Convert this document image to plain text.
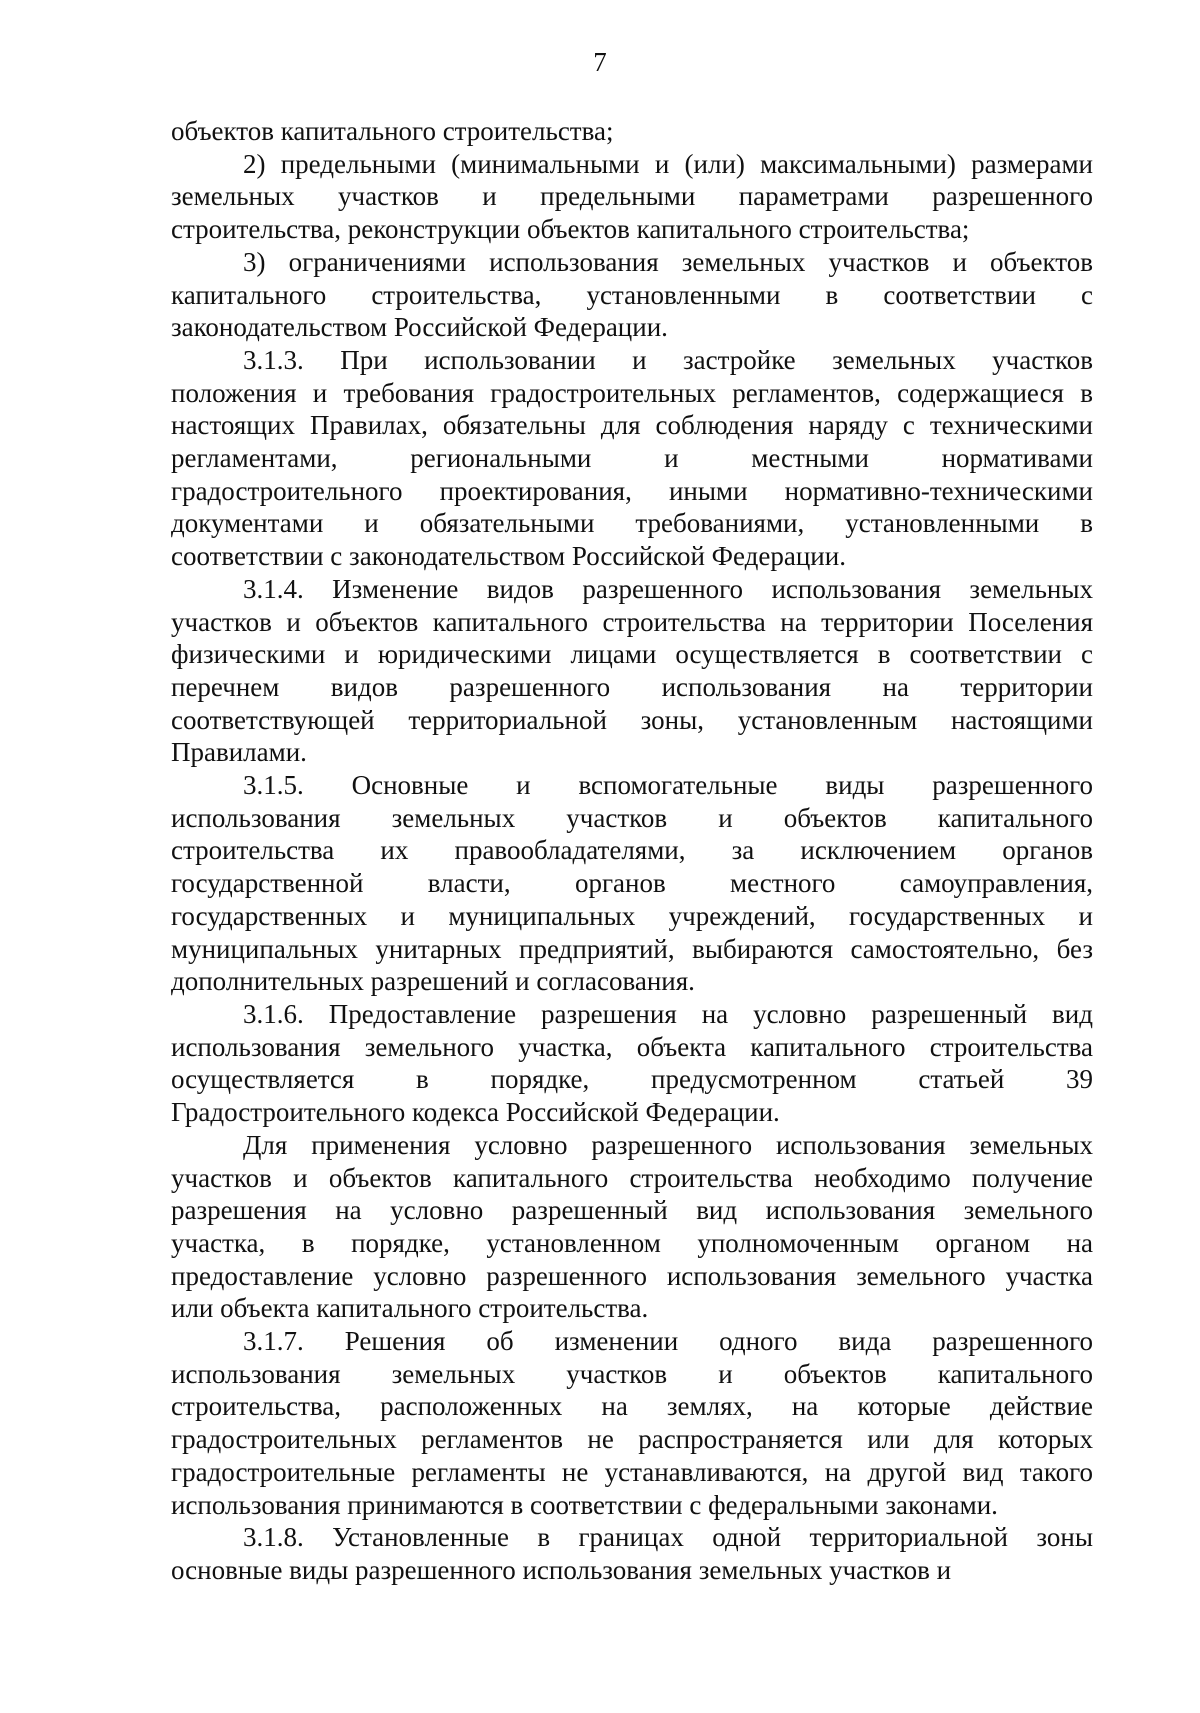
7
объектов капитального строительства;
2) предельными (минимальными и (или) максимальными) размерами
земельных участков и предельными параметрами разрешенного
строительства, реконструкции объектов капитального строительства;
3) ограничениями использования земельных участков и объектов
капитального строительства, установленными в соответствии с
законодательством Российской Федерации.
3.1.3. При использовании и застройке земельных участков
положения и требования градостроительных регламентов, содержащиеся в
настоящих Правилах, обязательны для соблюдения наряду с техническими
регламентами, региональными и местными нормативами
градостроительного проектирования, иными нормативно-техническими
документами и обязательными требованиями, установленными в
соответствии с законодательством Российской Федерации.
3.1.4. Изменение видов разрешенного использования земельных
участков и объектов капитального строительства на территории Поселения
физическими и юридическими лицами осуществляется в соответствии с
перечнем видов разрешенного использования на территории
соответствующей территориальной зоны, установленным настоящими
Правилами.
3.1.5. Основные и вспомогательные виды разрешенного
использования земельных участков и объектов капитального
строительства их правообладателями, за исключением органов
государственной власти, органов местного самоуправления,
государственных и муниципальных учреждений, государственных и
муниципальных унитарных предприятий, выбираются самостоятельно, без
дополнительных разрешений и согласования.
3.1.6. Предоставление разрешения на условно разрешенный вид
использования земельного участка, объекта капитального строительства
осуществляется в порядке, предусмотренном статьей 39
Градостроительного кодекса Российской Федерации.
Для применения условно разрешенного использования земельных
участков и объектов капитального строительства необходимо получение
разрешения на условно разрешенный вид использования земельного
участка, в порядке, установленном уполномоченным органом на
предоставление условно разрешенного использования земельного участка
или объекта капитального строительства.
3.1.7. Решения об изменении одного вида разрешенного
использования земельных участков и объектов капитального
строительства, расположенных на землях, на которые действие
градостроительных регламентов не распространяется или для которых
градостроительные регламенты не устанавливаются, на другой вид такого
использования принимаются в соответствии с федеральными законами.
3.1.8. Установленные в границах одной территориальной зоны
основные виды разрешенного использования земельных участков и
